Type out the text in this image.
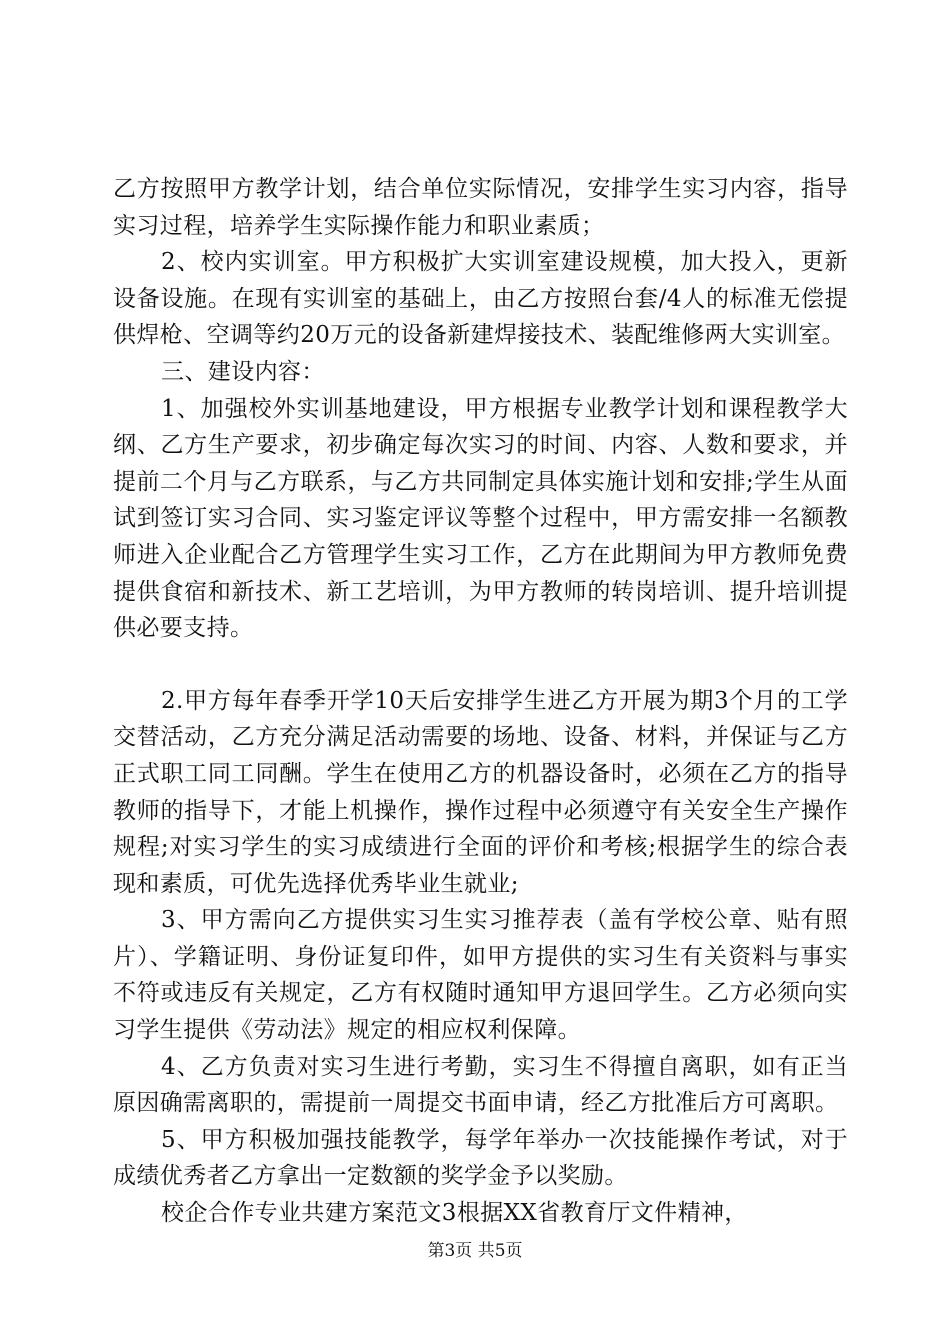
乙方按照甲方教学计划，结合单位实际情况，安排学生实习内容，指导实习过程，培养学生实际操作能力和职业素质；

2、校内实训室。甲方积极扩大实训室建设规模，加大投入，更新设备设施。在现有实训室的基础上，由乙方按照台套/4人的标准无偿提供焊枪、空调等约20万元的设备新建焊接技术、装配维修两大实训室。

三、建设内容：

1、加强校外实训基地建设，甲方根据专业教学计划和课程教学大纲、乙方生产要求，初步确定每次实习的时间、内容、人数和要求，并提前二个月与乙方联系，与乙方共同制定具体实施计划和安排;学生从面试到签订实习合同、实习鉴定评议等整个过程中，甲方需安排一名额教师进入企业配合乙方管理学生实习工作，乙方在此期间为甲方教师免费提供食宿和新技术、新工艺培训，为甲方教师的转岗培训、提升培训提供必要支持。

2.甲方每年春季开学10天后安排学生进乙方开展为期3个月的工学交替活动，乙方充分满足活动需要的场地、设备、材料，并保证与乙方正式职工同工同酬。学生在使用乙方的机器设备时，必须在乙方的指导教师的指导下，才能上机操作，操作过程中必须遵守有关安全生产操作规程;对实习学生的实习成绩进行全面的评价和考核;根据学生的综合表现和素质，可优先选择优秀毕业生就业;

3、甲方需向乙方提供实习生实习推荐表（盖有学校公章、贴有照片）、学籍证明、身份证复印件，如甲方提供的实习生有关资料与事实不符或违反有关规定，乙方有权随时通知甲方退回学生。乙方必须向实习学生提供《劳动法》规定的相应权利保障。

4、乙方负责对实习生进行考勤，实习生不得擅自离职，如有正当原因确需离职的，需提前一周提交书面申请，经乙方批准后方可离职。

5、甲方积极加强技能教学，每学年举办一次技能操作考试，对于成绩优秀者乙方拿出一定数额的奖学金予以奖励。

校企合作专业共建方案范文3根据XX省教育厅文件精神，

第3页 共5页
